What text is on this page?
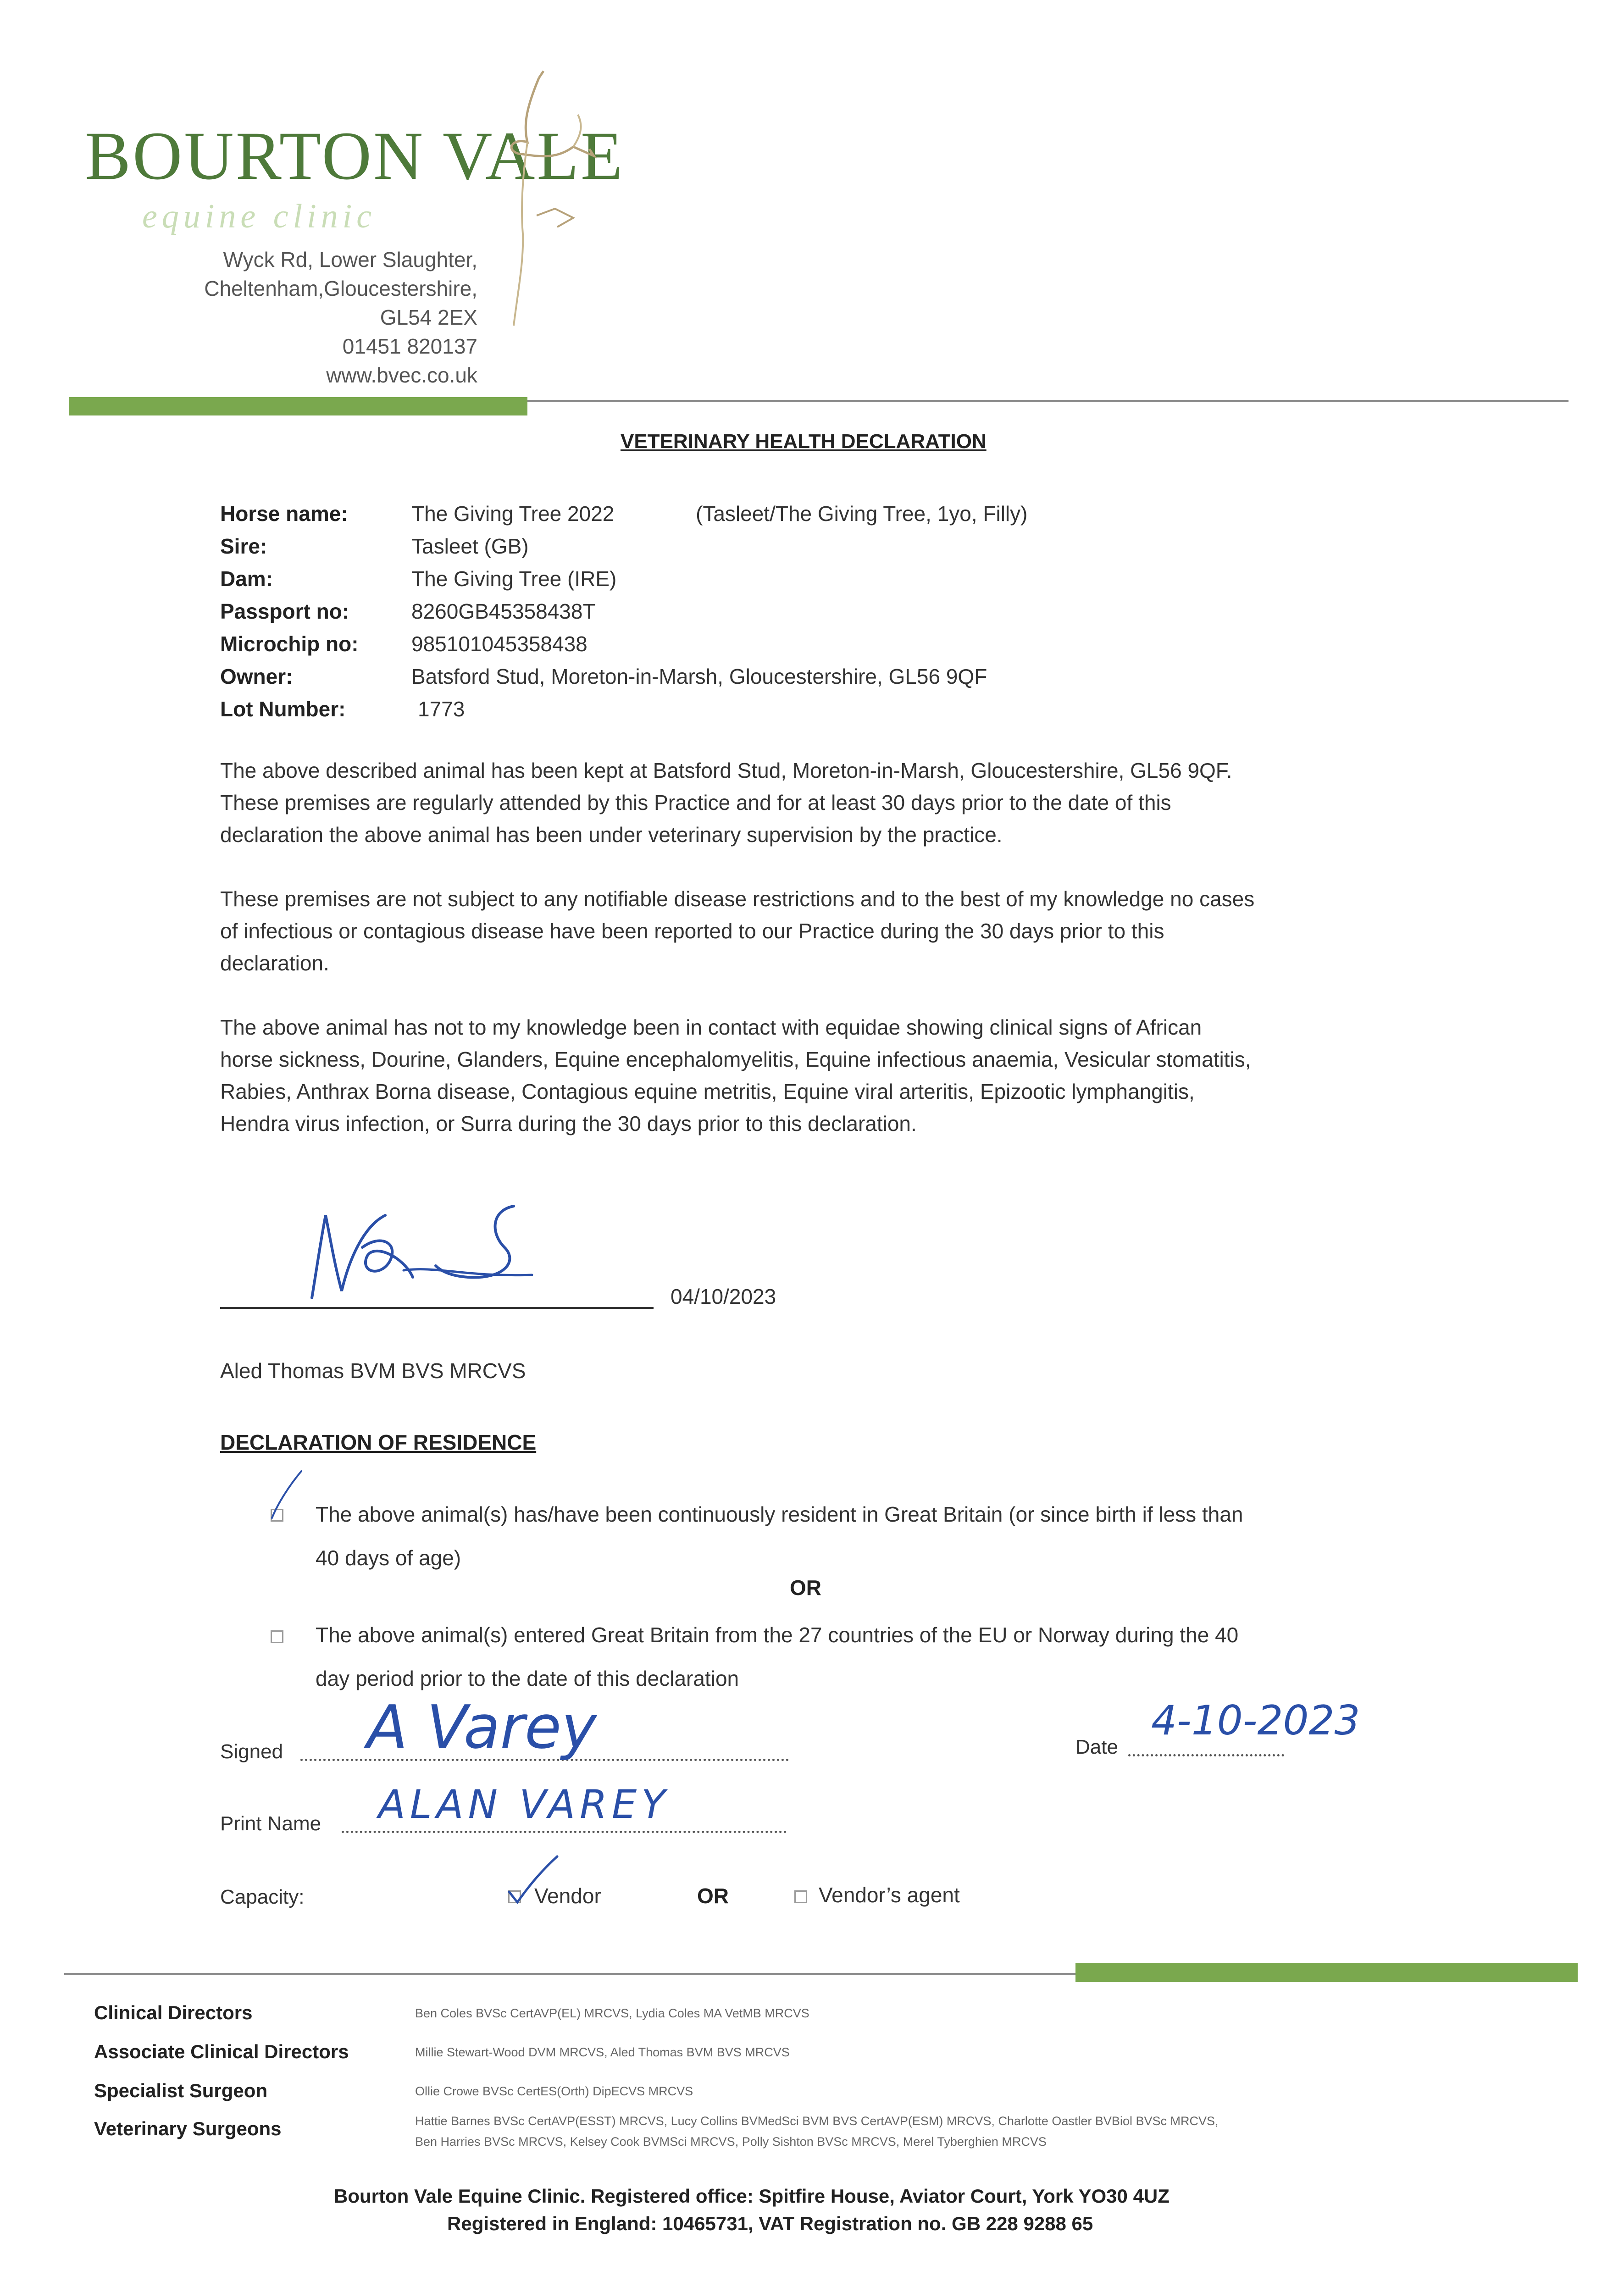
BOURTON VALE
equine clinic
Wyck Rd, Lower Slaughter,
Cheltenham,Gloucestershire,
GL54 2EX
01451 820137
www.bvec.co.uk
VETERINARY HEALTH DECLARATION
Horse name:	The Giving Tree 2022	(Tasleet/The Giving Tree, 1yo, Filly)
Sire:	Tasleet (GB)
Dam:	The Giving Tree (IRE)
Passport no:	8260GB45358438T
Microchip no:	985101045358438
Owner:	Batsford Stud, Moreton-in-Marsh, Gloucestershire, GL56 9QF
Lot Number:	1773
The above described animal has been kept at Batsford Stud, Moreton-in-Marsh, Gloucestershire, GL56 9QF.
These premises are regularly attended by this Practice and for at least 30 days prior to the date of this
declaration the above animal has been under veterinary supervision by the practice.
These premises are not subject to any notifiable disease restrictions and to the best of my knowledge no cases
of infectious or contagious disease have been reported to our Practice during the 30 days prior to this
declaration.
The above animal has not to my knowledge been in contact with equidae showing clinical signs of African
horse sickness, Dourine, Glanders, Equine encephalomyelitis, Equine infectious anaemia, Vesicular stomatitis,
Rabies, Anthrax Borna disease, Contagious equine metritis, Equine viral arteritis, Epizootic lymphangitis,
Hendra virus infection, or Surra during the 30 days prior to this declaration.
04/10/2023
Aled Thomas BVM BVS MRCVS
DECLARATION OF RESIDENCE
The above animal(s) has/have been continuously resident in Great Britain (or since birth if less than
40 days of age)
OR
The above animal(s) entered Great Britain from the 27 countries of the EU or Norway during the 40
day period prior to the date of this declaration
Signed A Varey	Date
4-10-2023
Print Name ALAN VAREY
Capacity:	Vendor	OR	Vendor’s agent
Clinical Directors	Ben Coles BVSc CertAVP(EL) MRCVS, Lydia Coles MA VetMB MRCVS
Associate Clinical Directors	Millie Stewart-Wood DVM MRCVS, Aled Thomas BVM BVS MRCVS
Specialist Surgeon	Ollie Crowe BVSc CertES(Orth) DipECVS MRCVS
Veterinary Surgeons	Hattie Barnes BVSc CertAVP(ESST) MRCVS, Lucy Collins BVMedSci BVM BVS CertAVP(ESM) MRCVS, Charlotte Oastler BVBiol BVSc MRCVS,
Ben Harries BVSc MRCVS, Kelsey Cook BVMSci MRCVS, Polly Sishton BVSc MRCVS, Merel Tyberghien MRCVS
Bourton Vale Equine Clinic. Registered office: Spitfire House, Aviator Court, York YO30 4UZ
Registered in England: 10465731, VAT Registration no. GB 228 9288 65
